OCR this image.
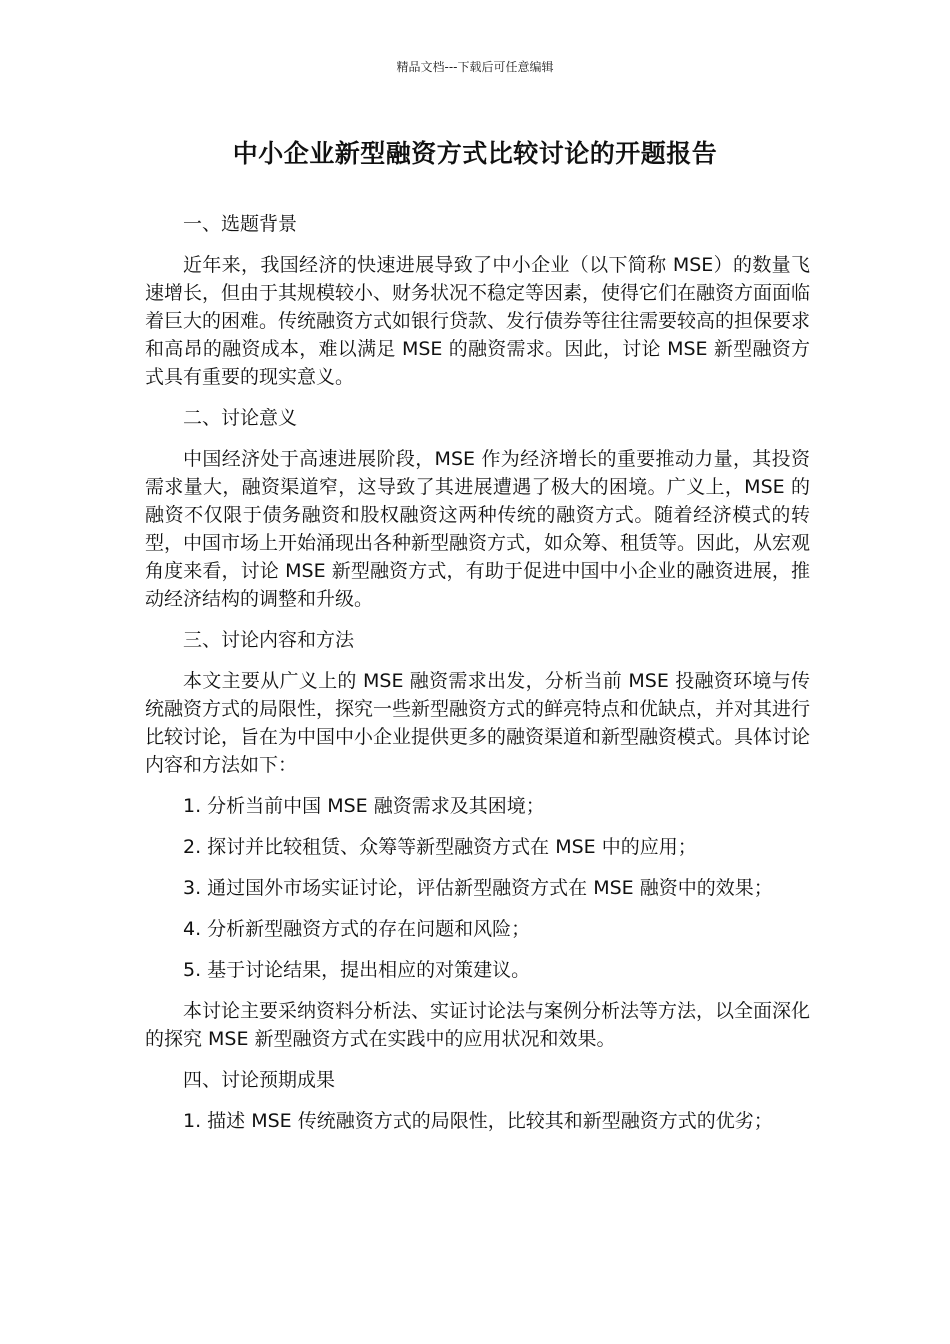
精品文档---下载后可任意编辑
中小企业新型融资方式比较讨论的开题报告

一、选题背景

近年来，我国经济的快速进展导致了中小企业（以下简称 MSE）的数量飞速增长，但由于其规模较小、财务状况不稳定等因素，使得它们在融资方面面临着巨大的困难。传统融资方式如银行贷款、发行债券等往往需要较高的担保要求和高昂的融资成本，难以满足 MSE 的融资需求。因此，讨论 MSE 新型融资方式具有重要的现实意义。

二、讨论意义

中国经济处于高速进展阶段，MSE 作为经济增长的重要推动力量，其投资需求量大，融资渠道窄，这导致了其进展遭遇了极大的困境。广义上，MSE 的融资不仅限于债务融资和股权融资这两种传统的融资方式。随着经济模式的转型，中国市场上开始涌现出各种新型融资方式，如众筹、租赁等。因此，从宏观角度来看，讨论 MSE 新型融资方式，有助于促进中国中小企业的融资进展，推动经济结构的调整和升级。

三、讨论内容和方法

本文主要从广义上的 MSE 融资需求出发，分析当前 MSE 投融资环境与传统融资方式的局限性，探究一些新型融资方式的鲜亮特点和优缺点，并对其进行比较讨论，旨在为中国中小企业提供更多的融资渠道和新型融资模式。具体讨论内容和方法如下：

1. 分析当前中国 MSE 融资需求及其困境；

2. 探讨并比较租赁、众筹等新型融资方式在 MSE 中的应用；

3. 通过国外市场实证讨论，评估新型融资方式在 MSE 融资中的效果；

4. 分析新型融资方式的存在问题和风险；

5. 基于讨论结果，提出相应的对策建议。

本讨论主要采纳资料分析法、实证讨论法与案例分析法等方法，以全面深化的探究 MSE 新型融资方式在实践中的应用状况和效果。

四、讨论预期成果

1. 描述 MSE 传统融资方式的局限性，比较其和新型融资方式的优劣；
